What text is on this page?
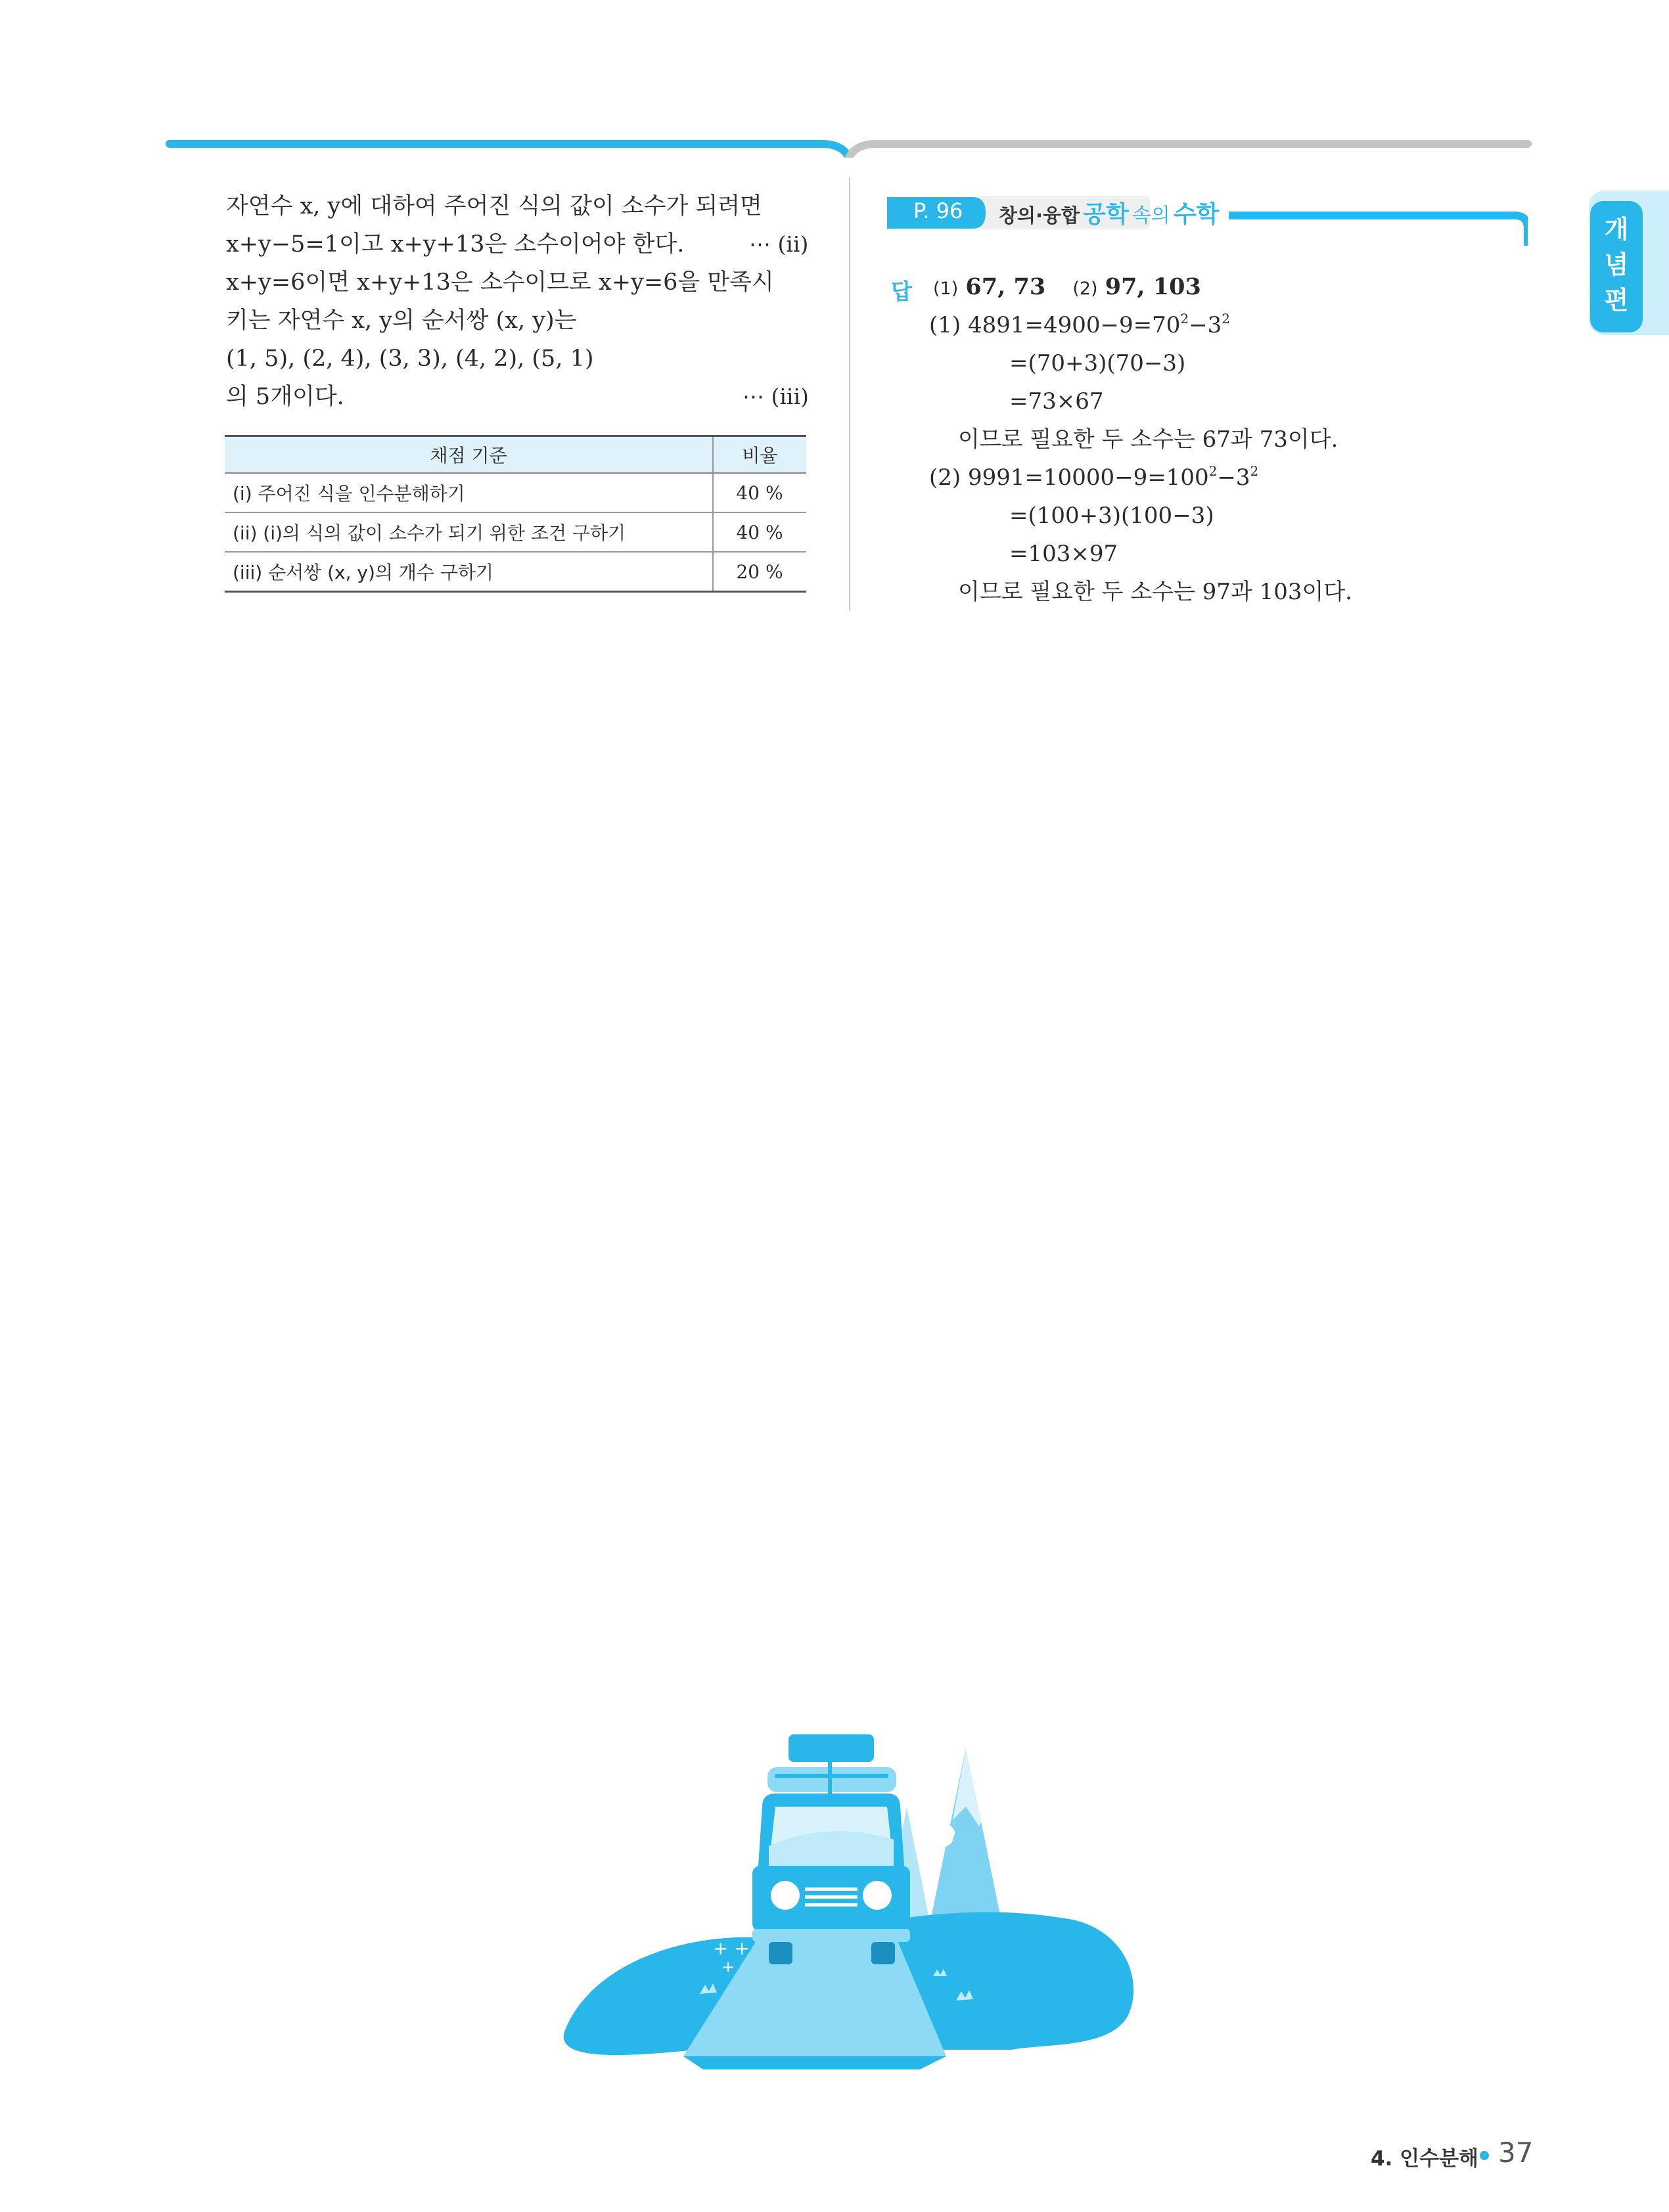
자연수 x, y에 대하여 주어진 식의 값이 소수가 되려면
x+y−5=1이고 x+y+13은 소수이어야 한다.	⋯ (ii)
x+y=6이면 x+y+13은 소수이므로 x+y=6을 만족시
키는 자연수 x, y의 순서쌍 (x, y)는
(1, 5), (2, 4), (3, 3), (4, 2), (5, 1)
의 5개이다.	⋯ (iii)
채점 기준	비율
(i) 주어진 식을 인수분해하기	40 %
(ii) (i)의 식의 값이 소수가 되기 위한 조건 구하기	40 %
(iii) 순서쌍 (x, y)의 개수 구하기	20 %
P. 96 창의·융합 공학 속의 수학
답 (1) 67, 73 (2) 97, 103
(1) $4891=4900-9=70^2-3^2$
=(70+3)(70−3)
=73×67
이므로 필요한 두 소수는 67과 73이다.
(2) $9991=10000-9=100^2-3^2$
=(100+3)(100−3)
=103×97
이므로 필요한 두 소수는 97과 103이다.
개
념
편
+ +
+
4. 인수분해 37
